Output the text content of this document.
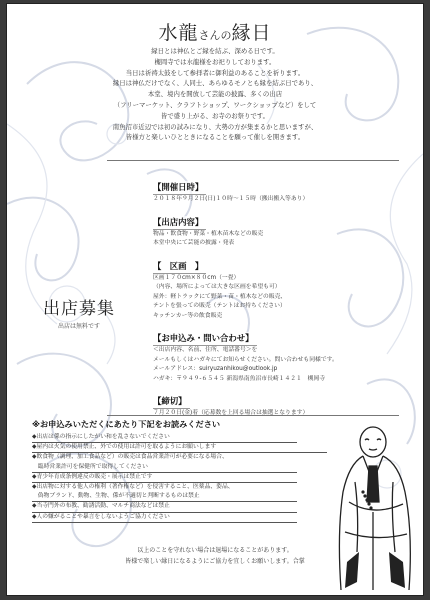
水龍さんの縁日
縁日とは神仏とご縁を結ぶ、深める日です。
槻岡寺では水龍様をお祀りしております。
当日は祈祷太鼓をして参拝者に御利益のあることを祈ります。
縁日は神仏だけでなく、人同士、あらゆるモノとも縁を結ぶ日であり、
本堂、境内を開放して芸能の披露、多くの出店
（フリーマーケット、クラフトショップ、ワークショップなど）をして
皆で盛り上がる、お寺のお祭りです。
南魚沼市近辺では初の試みになり、大勢の方が集まるかと思いますが、
皆様方と楽しいひとときになることを願って催しを開きます。
出店募集
出店は無料です
【開催日時】
２０１８年９月２日(日)１０時～１５時（搬出搬入等あり）
【出店内容】
物品・飲食物・野菜・植木苗木などの販売
本堂中央にて芸能の披露・発表
【　区画　】
区画１７０cm×８０cm（一畳）
（内容、場所によっては大きな区画を希望も可）
屋外：軽トラックにて野菜・苗・植木などの販売、
テントを張っての販売（テントはお持ちください）
キッチンカー等の飲食販売
【お申込み・問い合わせ】
＜出店内容、名前、住所、電話番号＞を
メールもしくはハガキにてお知らせください。問い合わせも同様です。
メールアドレス：suiryuzanhikou@outlook.jp
ハガキ：〒９４９-６５４５ 新潟県南魚沼市長崎１４２１　槻岡寺
【締切】
７月２０日(金)着（応募数を上回る場合は抽選となります）
※お申込みいただくにあたり下記をお読みください
◆出店は係の指示にしたがい和を乱さないでください
◆屋内は火気の使用禁止、外での使用は許可を取るようにお願いします
◆飲食物（調理、加工食品など）の販売は食品営業許可が必要になる場合、
　臨時営業許可を保健所で取得してください
◆青少年育成条例違反の販売・展示は禁止です
◆出店物に対する他人の権利（著作権など）を侵害すること、医薬品、姿品、
　偽物ブランド、動物、生物、係が不適切と判断するものは禁止
◆当寺門外の布教、勧誘活動、マルチ商法などは禁止
◆人の嫌がることや暴言をしないようご協力ください
以上のことを守れない場合は退場になることがあります。
皆様で楽しい縁日になるようにご協力を宜しくお願いします。合掌
